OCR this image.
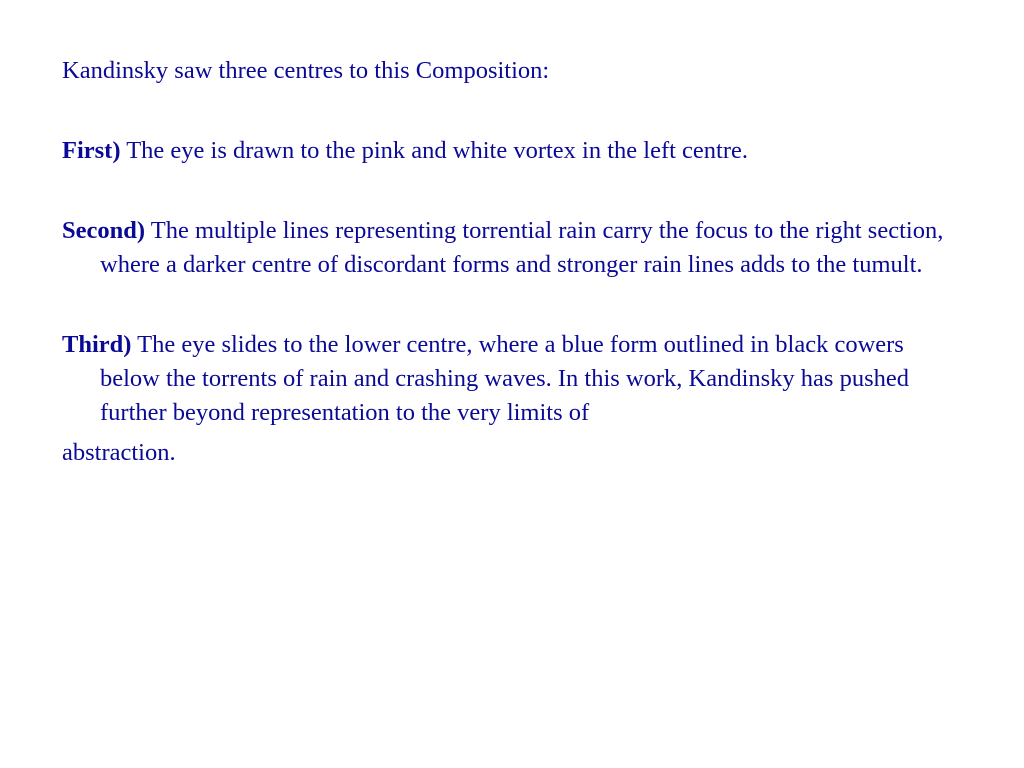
Kandinsky saw three centres to this Composition:

First) The eye is drawn to the pink and white vortex in the left centre.

Second) The multiple lines representing torrential rain carry the focus to the right section, where a darker centre of discordant forms and stronger rain lines adds to the tumult.

Third) The eye slides to the lower centre, where a blue form outlined in black cowers below the torrents of rain and crashing waves. In this work, Kandinsky has pushed further beyond representation to the very limits of
abstraction.
